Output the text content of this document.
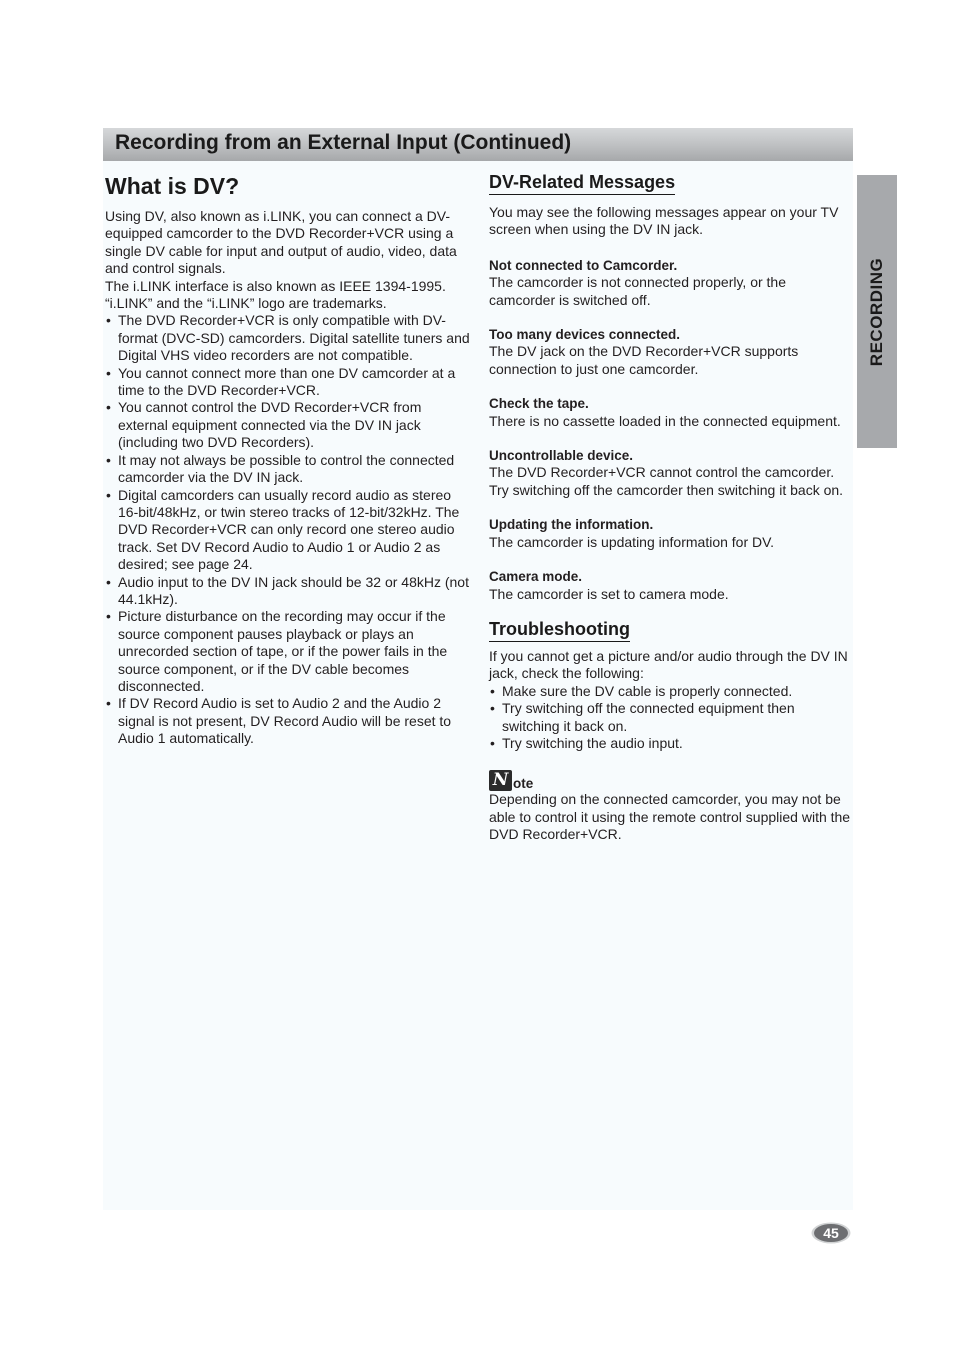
Recording from an External Input (Continued)
RECORDING
What is DV?

Using DV, also known as i.LINK, you can connect a DV-equipped camcorder to the DVD Recorder+VCR using a single DV cable for input and output of audio, video, data and control signals.

The i.LINK interface is also known as IEEE 1394-1995.

“i.LINK” and the “i.LINK” logo are trademarks.

• The DVD Recorder+VCR is only compatible with DV-format (DVC-SD) camcorders. Digital satellite tuners and Digital VHS video recorders are not compatible.
• You cannot connect more than one DV camcorder at a time to the DVD Recorder+VCR.
• You cannot control the DVD Recorder+VCR from external equipment connected via the DV IN jack (including two DVD Recorders).
• It may not always be possible to control the connected camcorder via the DV IN jack.
• Digital camcorders can usually record audio as stereo 16-bit/48kHz, or twin stereo tracks of 12-bit/32kHz. The DVD Recorder+VCR can only record one stereo audio track. Set DV Record Audio to Audio 1 or Audio 2 as desired; see page 24.
• Audio input to the DV IN jack should be 32 or 48kHz (not 44.1kHz).
• Picture disturbance on the recording may occur if the source component pauses playback or plays an unrecorded section of tape, or if the power fails in the source component, or if the DV cable becomes disconnected.
• If DV Record Audio is set to Audio 2 and the Audio 2 signal is not present, DV Record Audio will be reset to Audio 1 automatically.
DV-Related Messages

You may see the following messages appear on your TV screen when using the DV IN jack.

Not connected to Camcorder.

The camcorder is not connected properly, or the camcorder is switched off.

Too many devices connected.

The DV jack on the DVD Recorder+VCR supports connection to just one camcorder.

Check the tape.

There is no cassette loaded in the connected equipment.

Uncontrollable device.

The DVD Recorder+VCR cannot control the camcorder. Try switching off the camcorder then switching it back on.

Updating the information.

The camcorder is updating information for DV.

Camera mode.

The camcorder is set to camera mode.

Troubleshooting

If you cannot get a picture and/or audio through the DV IN jack, check the following:

• Make sure the DV cable is properly connected.
• Try switching off the connected equipment then switching it back on.
• Try switching the audio input.
N ote

Depending on the connected camcorder, you may not be able to control it using the remote control supplied with the DVD Recorder+VCR.

45
